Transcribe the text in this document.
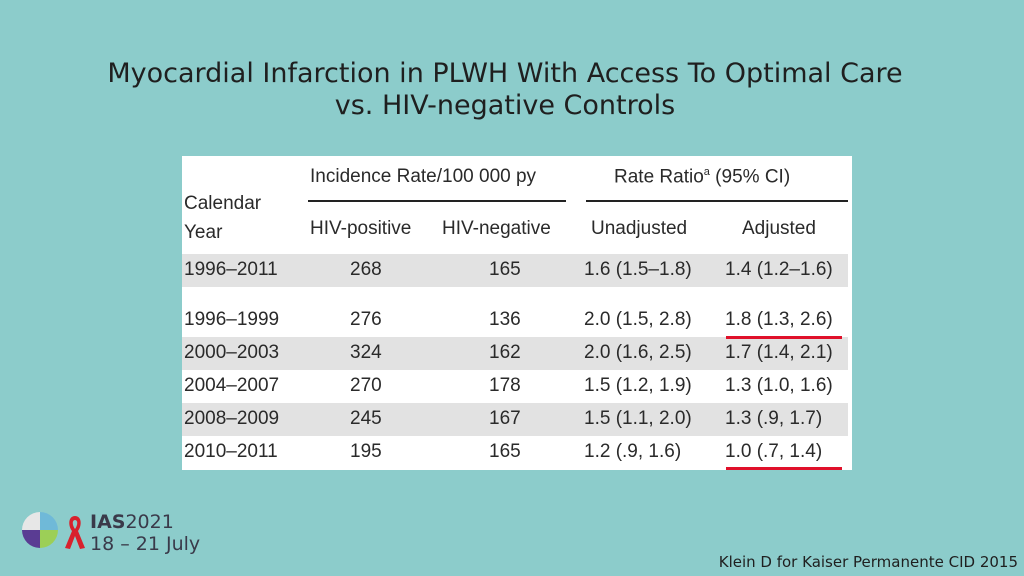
Myocardial Infarction in PLWH With Access To Optimal Care
vs. HIV-negative Controls
Calendar
Year
Incidence Rate/100 000 py	Rate Ratio$^a$ (95% CI)
HIV-positive HIV-negative Unadjusted	Adjusted
1996–2011	268	165	1.6 (1.5–1.8) 1.4 (1.2–1.6)
1996–1999	276	136	2.0 (1.5, 2.8) 1.8 (1.3, 2.6)
2000–2003	324	162	2.0 (1.6, 2.5) 1.7 (1.4, 2.1)
2004–2007	270	178	1.5 (1.2, 1.9) 1.3 (1.0, 1.6)
2008–2009	245	167	1.5 (1.1, 2.0) 1.3 (.9, 1.7)
2010–2011	195	165	1.2 (.9, 1.6) 1.0 (.7, 1.4)
IAS2021
18 – 21 July
Klein D for Kaiser Permanente CID 2015
